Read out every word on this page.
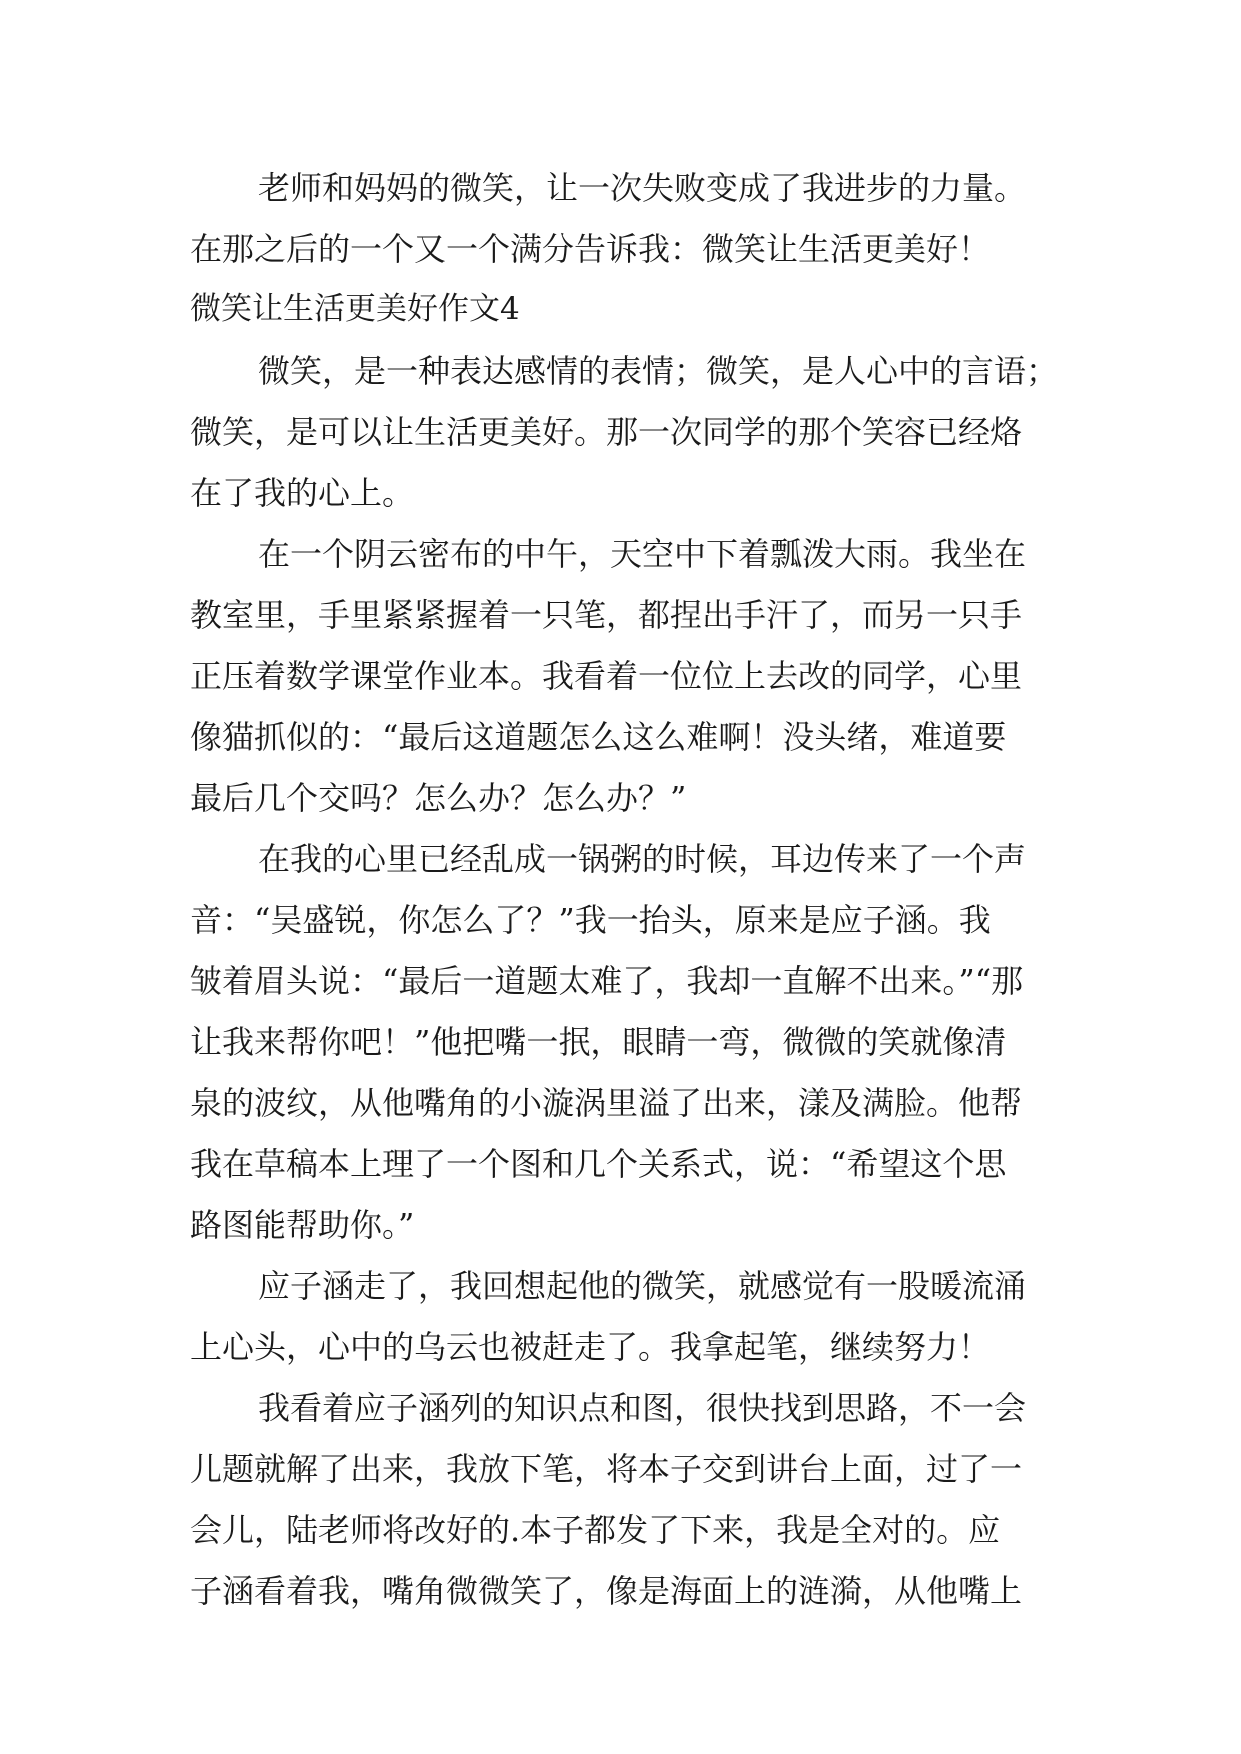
老师和妈妈的微笑，让一次失败变成了我进步的力量。
在那之后的一个又一个满分告诉我：微笑让生活更美好！
微笑让生活更美好作文4
微笑，是一种表达感情的表情；微笑，是人心中的言语；
微笑，是可以让生活更美好。那一次同学的那个笑容已经烙
在了我的心上。
在一个阴云密布的中午，天空中下着瓢泼大雨。我坐在
教室里，手里紧紧握着一只笔，都捏出手汗了，而另一只手
正压着数学课堂作业本。我看着一位位上去改的同学，心里
像猫抓似的：“最后这道题怎么这么难啊！没头绪，难道要
最后几个交吗？怎么办？怎么办？”
在我的心里已经乱成一锅粥的时候，耳边传来了一个声
音：“吴盛锐，你怎么了？”我一抬头，原来是应子涵。我
皱着眉头说：“最后一道题太难了，我却一直解不出来。”“那
让我来帮你吧！”他把嘴一抿，眼睛一弯，微微的笑就像清
泉的波纹，从他嘴角的小漩涡里溢了出来，漾及满脸。他帮
我在草稿本上理了一个图和几个关系式，说：“希望这个思
路图能帮助你。”
应子涵走了，我回想起他的微笑，就感觉有一股暖流涌
上心头，心中的乌云也被赶走了。我拿起笔，继续努力！
我看着应子涵列的知识点和图，很快找到思路，不一会
儿题就解了出来，我放下笔，将本子交到讲台上面，过了一
会儿，陆老师将改好的.本子都发了下来，我是全对的。应
子涵看着我，嘴角微微笑了，像是海面上的涟漪，从他嘴上
